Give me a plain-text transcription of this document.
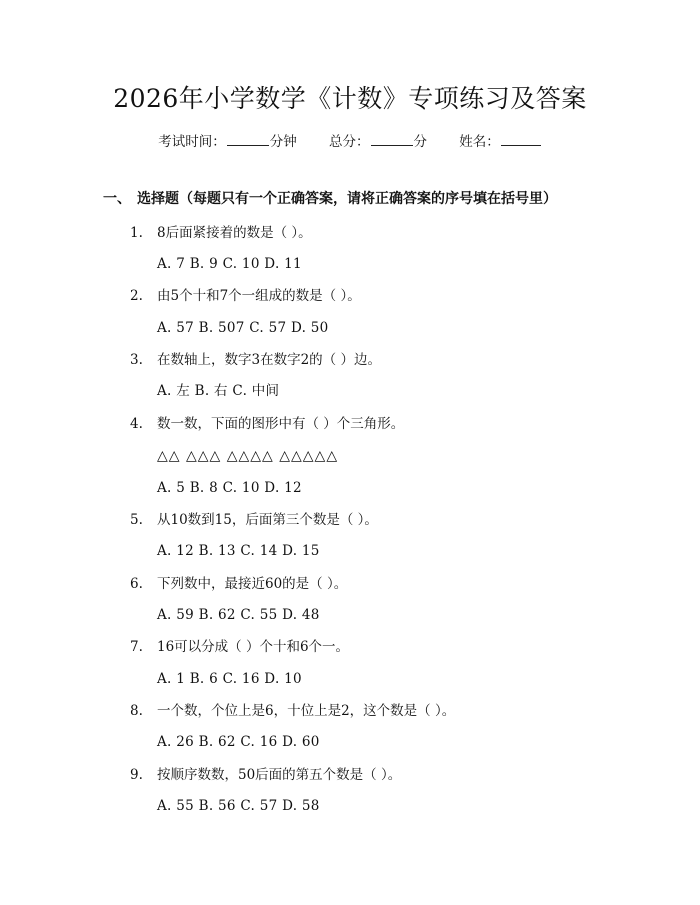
2026年小学数学《计数》专项练习及答案
考试时间：	分钟 总分：	分 姓名：
一、 选择题（每题只有一个正确答案，请将正确答案的序号填在括号里）
1. 8后面紧接着的数是（ ）。
A. 7 B. 9 C. 10 D. 11
2. 由5个十和7个一组成的数是（ ）。
A. 57 B. 507 C. 57 D. 50
3. 在数轴上，数字3在数字2的（ ）边。
A. 左 B. 右 C. 中间
4. 数一数，下面的图形中有（ ）个三角形。
△△ △△△ △△△△ △△△△△
A. 5 B. 8 C. 10 D. 12
5. 从10数到15，后面第三个数是（ ）。
A. 12 B. 13 C. 14 D. 15
6. 下列数中，最接近60的是（ ）。
A. 59 B. 62 C. 55 D. 48
7. 16可以分成（ ）个十和6个一。
A. 1 B. 6 C. 16 D. 10
8. 一个数，个位上是6，十位上是2，这个数是（ ）。
A. 26 B. 62 C. 16 D. 60
9. 按顺序数数，50后面的第五个数是（ ）。
A. 55 B. 56 C. 57 D. 58
